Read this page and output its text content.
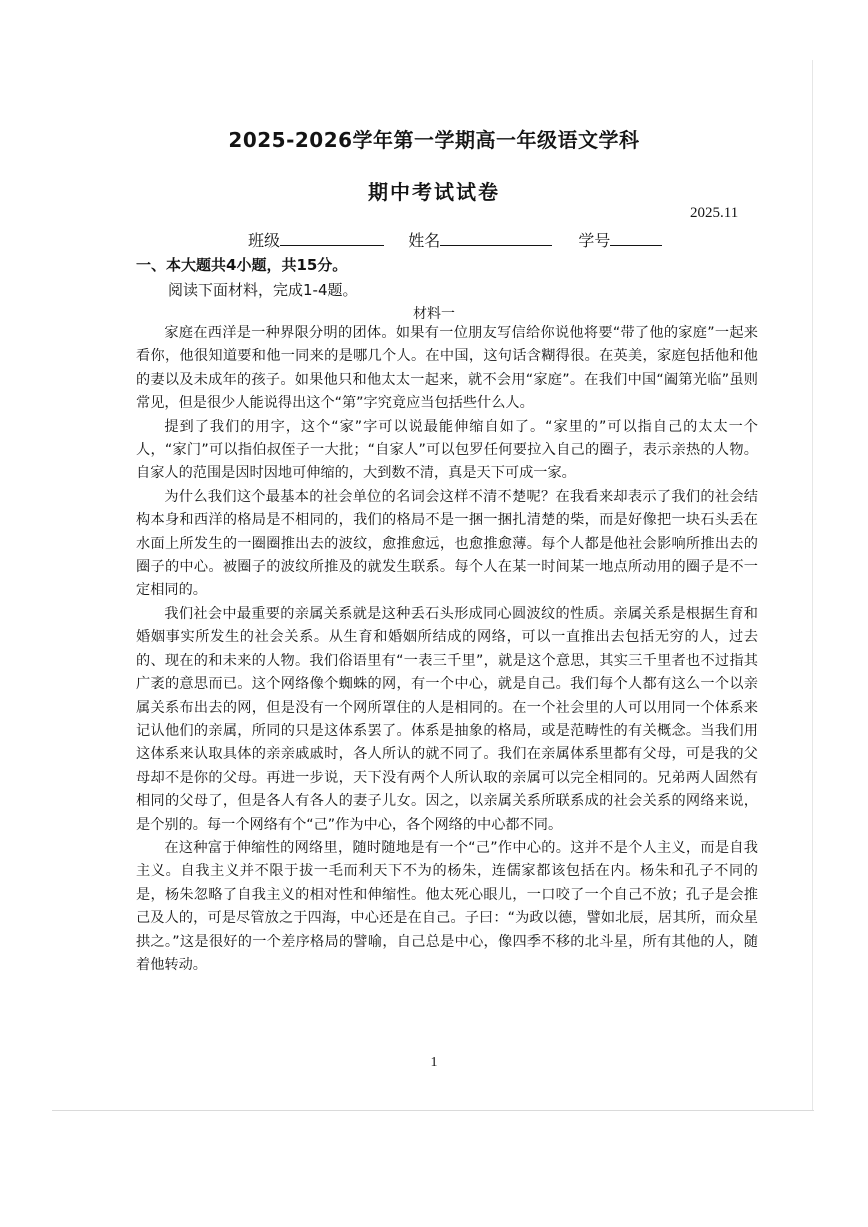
2025-2026学年第一学期高一年级语文学科
期中考试试卷
2025.11
班级	姓名	学号
一、本大题共4小题，共15分。
阅读下面材料，完成1-4题。
材料一

家庭在西洋是一种界限分明的团体。如果有一位朋友写信给你说他将要“带了他的家庭”一起来看你，他很知道要和他一同来的是哪几个人。在中国，这句话含糊得很。在英美，家庭包括他和他的妻以及未成年的孩子。如果他只和他太太一起来，就不会用“家庭”。在我们中国“阖第光临”虽则常见，但是很少人能说得出这个“第”字究竟应当包括些什么人。

提到了我们的用字，这个“家”字可以说最能伸缩自如了。“家里的”可以指自己的太太一个人，“家门”可以指伯叔侄子一大批；“自家人”可以包罗任何要拉入自己的圈子，表示亲热的人物。自家人的范围是因时因地可伸缩的，大到数不清，真是天下可成一家。

为什么我们这个最基本的社会单位的名词会这样不清不楚呢？在我看来却表示了我们的社会结构本身和西洋的格局是不相同的，我们的格局不是一捆一捆扎清楚的柴，而是好像把一块石头丢在水面上所发生的一圈圈推出去的波纹，愈推愈远，也愈推愈薄。每个人都是他社会影响所推出去的圈子的中心。被圈子的波纹所推及的就发生联系。每个人在某一时间某一地点所动用的圈子是不一定相同的。

我们社会中最重要的亲属关系就是这种丢石头形成同心圆波纹的性质。亲属关系是根据生育和婚姻事实所发生的社会关系。从生育和婚姻所结成的网络，可以一直推出去包括无穷的人，过去的、现在的和未来的人物。我们俗语里有“一表三千里”，就是这个意思，其实三千里者也不过指其广袤的意思而已。这个网络像个蜘蛛的网，有一个中心，就是自己。我们每个人都有这么一个以亲属关系布出去的网，但是没有一个网所罩住的人是相同的。在一个社会里的人可以用同一个体系来记认他们的亲属，所同的只是这体系罢了。体系是抽象的格局，或是范畴性的有关概念。当我们用这体系来认取具体的亲亲戚戚时，各人所认的就不同了。我们在亲属体系里都有父母，可是我的父母却不是你的父母。再进一步说，天下没有两个人所认取的亲属可以完全相同的。兄弟两人固然有相同的父母了，但是各人有各人的妻子儿女。因之，以亲属关系所联系成的社会关系的网络来说，是个别的。每一个网络有个“己”作为中心，各个网络的中心都不同。

在这种富于伸缩性的网络里，随时随地是有一个“己”作中心的。这并不是个人主义，而是自我主义。自我主义并不限于拔一毛而利天下不为的杨朱，连儒家都该包括在内。杨朱和孔子不同的是，杨朱忽略了自我主义的相对性和伸缩性。他太死心眼儿，一口咬了一个自己不放；孔子是会推己及人的，可是尽管放之于四海，中心还是在自己。子曰：“为政以德，譬如北辰，居其所，而众星拱之。”这是很好的一个差序格局的譬喻，自己总是中心，像四季不移的北斗星，所有其他的人，随着他转动。

1
